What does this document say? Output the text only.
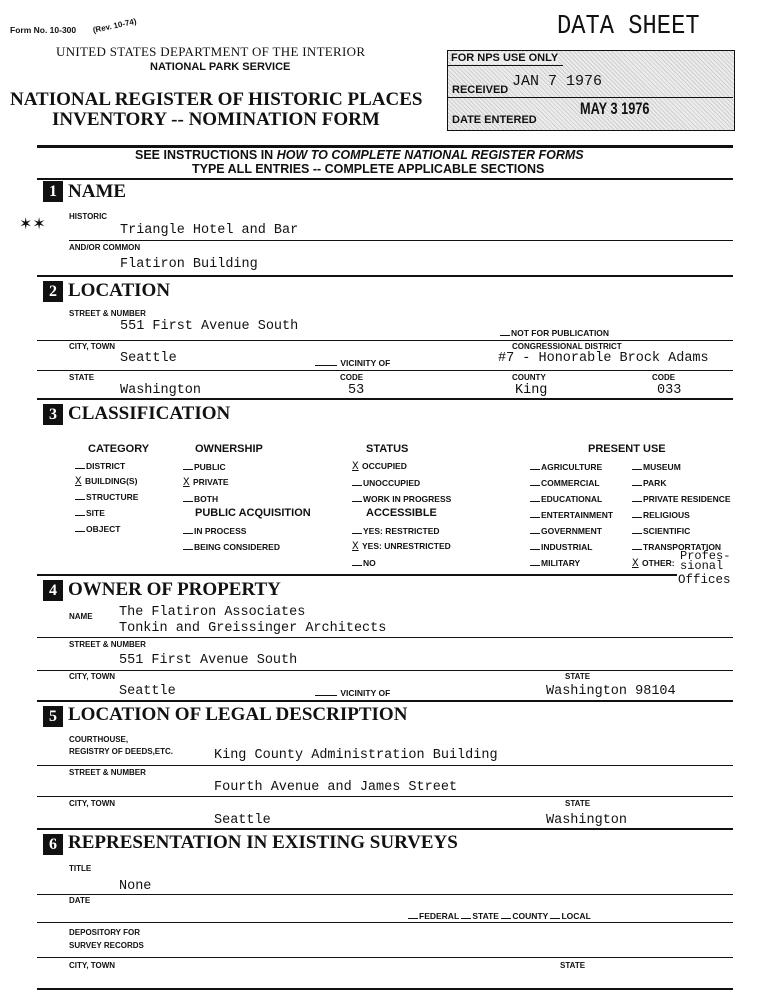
Form No. 10-300 (Rev. 10-74)
UNITED STATES DEPARTMENT OF THE INTERIOR
NATIONAL PARK SERVICE
NATIONAL REGISTER OF HISTORIC PLACES
INVENTORY -- NOMINATION FORM
DATA SHEET
FOR NPS USE ONLY
RECEIVED JAN 7 1976
DATE ENTERED
MAY 3 1976
SEE INSTRUCTIONS IN HOW TO COMPLETE NATIONAL REGISTER FORMS
TYPE ALL ENTRIES -- COMPLETE APPLICABLE SECTIONS
1 NAME
✶✶	HISTORIC
Triangle Hotel and Bar
AND/OR COMMON
Flatiron Building
2 LOCATION
STREET & NUMBER
551 First Avenue South	NOT FOR PUBLICATION
CITY, TOWN
Seattle	VICINITY OF
CONGRESSIONAL DISTRICT
#7 - Honorable Brock Adams
STATE
Washington
CODE
53
COUNTY
King
CODE
033
3 CLASSIFICATION
CATEGORY	OWNERSHIP	STATUS	PRESENT USE
DISTRICT
X BUILDING(S)
STRUCTURE
SITE
OBJECT
PUBLIC
X PRIVATE
BOTH
PUBLIC ACQUISITION
IN PROCESS
BEING CONSIDERED
X OCCUPIED
UNOCCUPIED
WORK IN PROGRESS
ACCESSIBLE
YES: RESTRICTED
X YES: UNRESTRICTED
NO
AGRICULTURE
COMMERCIAL
EDUCATIONAL
ENTERTAINMENT
GOVERNMENT
INDUSTRIAL
MILITARY
MUSEUM
PARK
PRIVATE RESIDENCE
RELIGIOUS
SCIENTIFIC
TRANSPORTATION
X OTHER: Profes-
sional
Offices
4 OWNER OF PROPERTY
NAME The Flatiron Associates
Tonkin and Greissinger Architects
STREET & NUMBER
551 First Avenue South
CITY, TOWN
Seattle	VICINITY OF
STATE
Washington 98104
5 LOCATION OF LEGAL DESCRIPTION
COURTHOUSE,
REGISTRY OF DEEDS,ETC.	King County Administration Building
STREET & NUMBER
Fourth Avenue and James Street
CITY, TOWN
Seattle
STATE
Washington
6 REPRESENTATION IN EXISTING SURVEYS
TITLE
None
DATE
FEDERAL STATE COUNTY LOCAL
DEPOSITORY FOR
SURVEY RECORDS
CITY, TOWN	STATE
